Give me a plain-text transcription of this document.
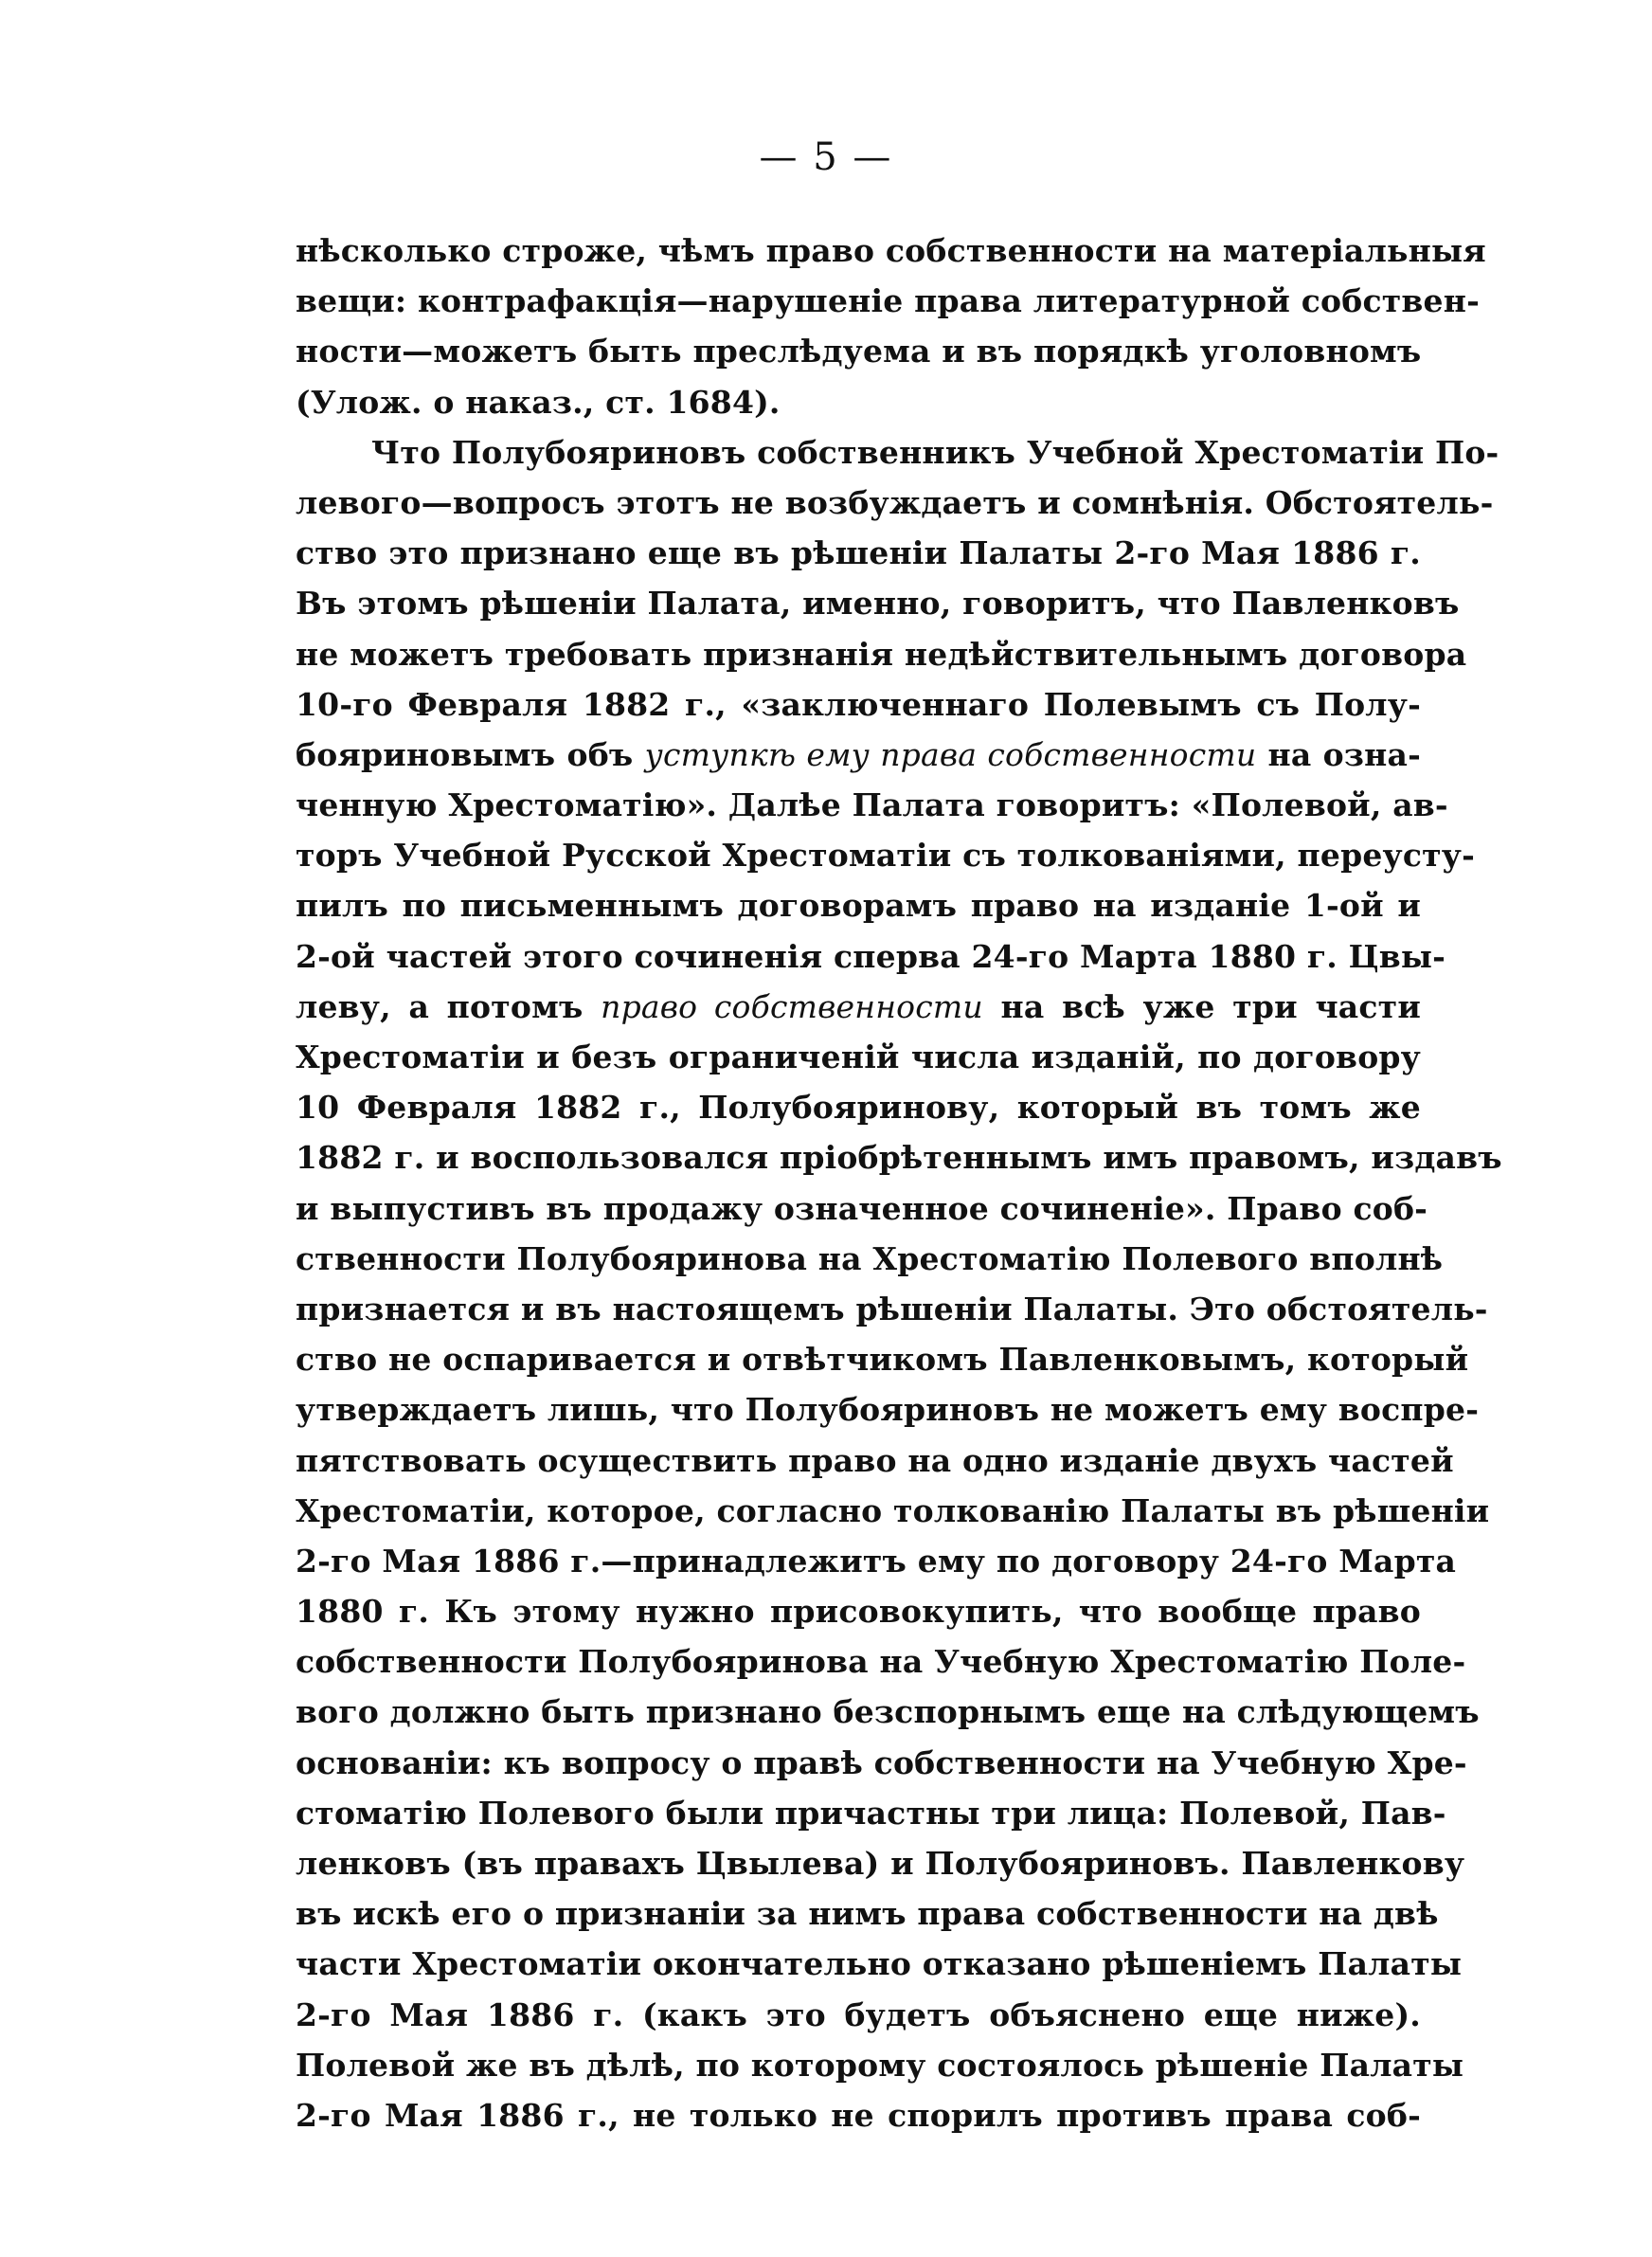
— 5 —
нѣсколько строже, чѣмъ право собственности на матеріальныя
вещи: контрафакція—нарушеніе права литературной собствен-
ности—можетъ быть преслѣдуема и въ порядкѣ уголовномъ
(Улож. о наказ., ст. 1684).
Что Полубояриновъ собственникъ Учебной Хрестоматіи По-
левого—вопросъ этотъ не возбуждаетъ и сомнѣнія. Обстоятель-
ство это признано еще въ рѣшеніи Палаты 2-го Мая 1886 г.
Въ этомъ рѣшеніи Палата, именно, говоритъ, что Павленковъ
не можетъ требовать признанія недѣйствительнымъ договора
10-го Февраля 1882 г., «заключеннаго Полевымъ съ Полу-
бояриновымъ объ уступкѣ ему права собственности на озна-
ченную Хрестоматію». Далѣе Палата говоритъ: «Полевой, ав-
торъ Учебной Русской Хрестоматіи съ толкованіями, переусту-
пилъ по письменнымъ договорамъ право на изданіе 1-ой и
2-ой частей этого сочиненія сперва 24-го Марта 1880 г. Цвы-
леву, а потомъ право собственности на всѣ уже три части
Хрестоматіи и безъ ограниченій числа изданій, по договору
10 Февраля 1882 г., Полубояринову, который въ томъ же
1882 г. и воспользовался пріобрѣтеннымъ имъ правомъ, издавъ
и выпустивъ въ продажу означенное сочиненіе». Право соб-
ственности Полубояринова на Хрестоматію Полевого вполнѣ
признается и въ настоящемъ рѣшеніи Палаты. Это обстоятель-
ство не оспаривается и отвѣтчикомъ Павленковымъ, который
утверждаетъ лишь, что Полубояриновъ не можетъ ему воспре-
пятствовать осуществить право на одно изданіе двухъ частей
Хрестоматіи, которое, согласно толкованію Палаты въ рѣшеніи
2-го Мая 1886 г.—принадлежитъ ему по договору 24-го Марта
1880 г. Къ этому нужно присовокупить, что вообще право
собственности Полубояринова на Учебную Хрестоматію Поле-
вого должно быть признано безспорнымъ еще на слѣдующемъ
основаніи: къ вопросу о правѣ собственности на Учебную Хре-
стоматію Полевого были причастны три лица: Полевой, Пав-
ленковъ (въ правахъ Цвылева) и Полубояриновъ. Павленкову
въ искѣ его о признаніи за нимъ права собственности на двѣ
части Хрестоматіи окончательно отказано рѣшеніемъ Палаты
2-го Мая 1886 г. (какъ это будетъ объяснено еще ниже).
Полевой же въ дѣлѣ, по которому состоялось рѣшеніе Палаты
2-го Мая 1886 г., не только не спорилъ противъ права соб-
